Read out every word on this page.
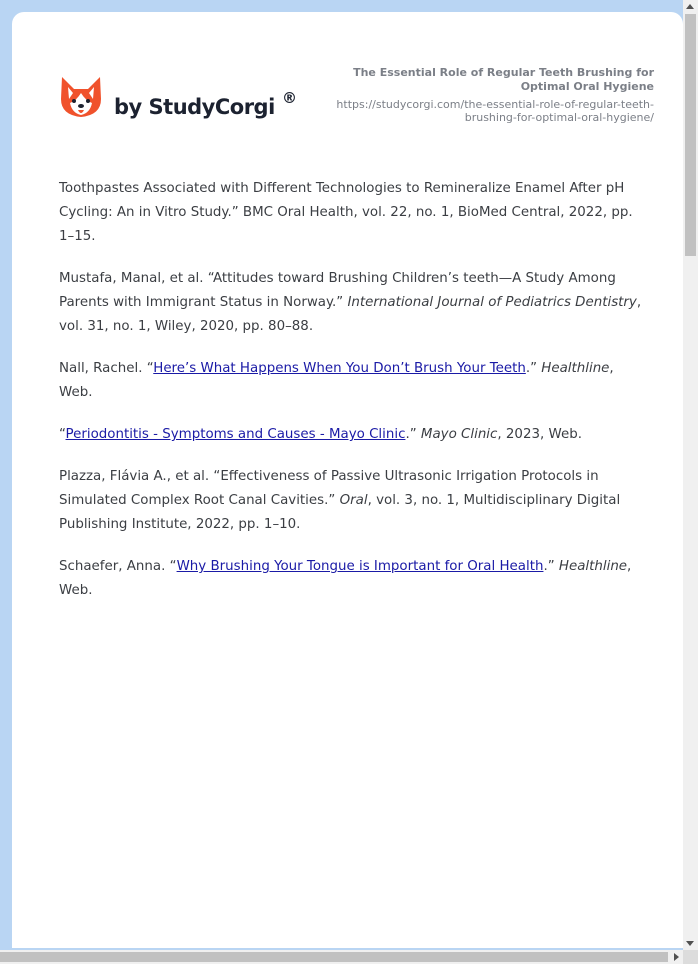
by StudyCorgi ®
The Essential Role of Regular Teeth Brushing for Optimal Oral Hygiene
https://studycorgi.com/the-essential-role-of-regular-teeth-brushing-for-optimal-oral-hygiene/

Toothpastes Associated with Different Technologies to Remineralize Enamel After pH Cycling: An in Vitro Study.” BMC Oral Health, vol. 22, no. 1, BioMed Central, 2022, pp. 1–15.

Mustafa, Manal, et al. “Attitudes toward Brushing Children’s teeth—A Study Among Parents with Immigrant Status in Norway.” International Journal of Pediatrics Dentistry, vol. 31, no. 1, Wiley, 2020, pp. 80–88.

Nall, Rachel. “Here’s What Happens When You Don’t Brush Your Teeth.” Healthline, Web.

“Periodontitis - Symptoms and Causes - Mayo Clinic.” Mayo Clinic, 2023, Web.

Plazza, Flávia A., et al. “Effectiveness of Passive Ultrasonic Irrigation Protocols in Simulated Complex Root Canal Cavities.” Oral, vol. 3, no. 1, Multidisciplinary Digital Publishing Institute, 2022, pp. 1–10.

Schaefer, Anna. “Why Brushing Your Tongue is Important for Oral Health.” Healthline, Web.
